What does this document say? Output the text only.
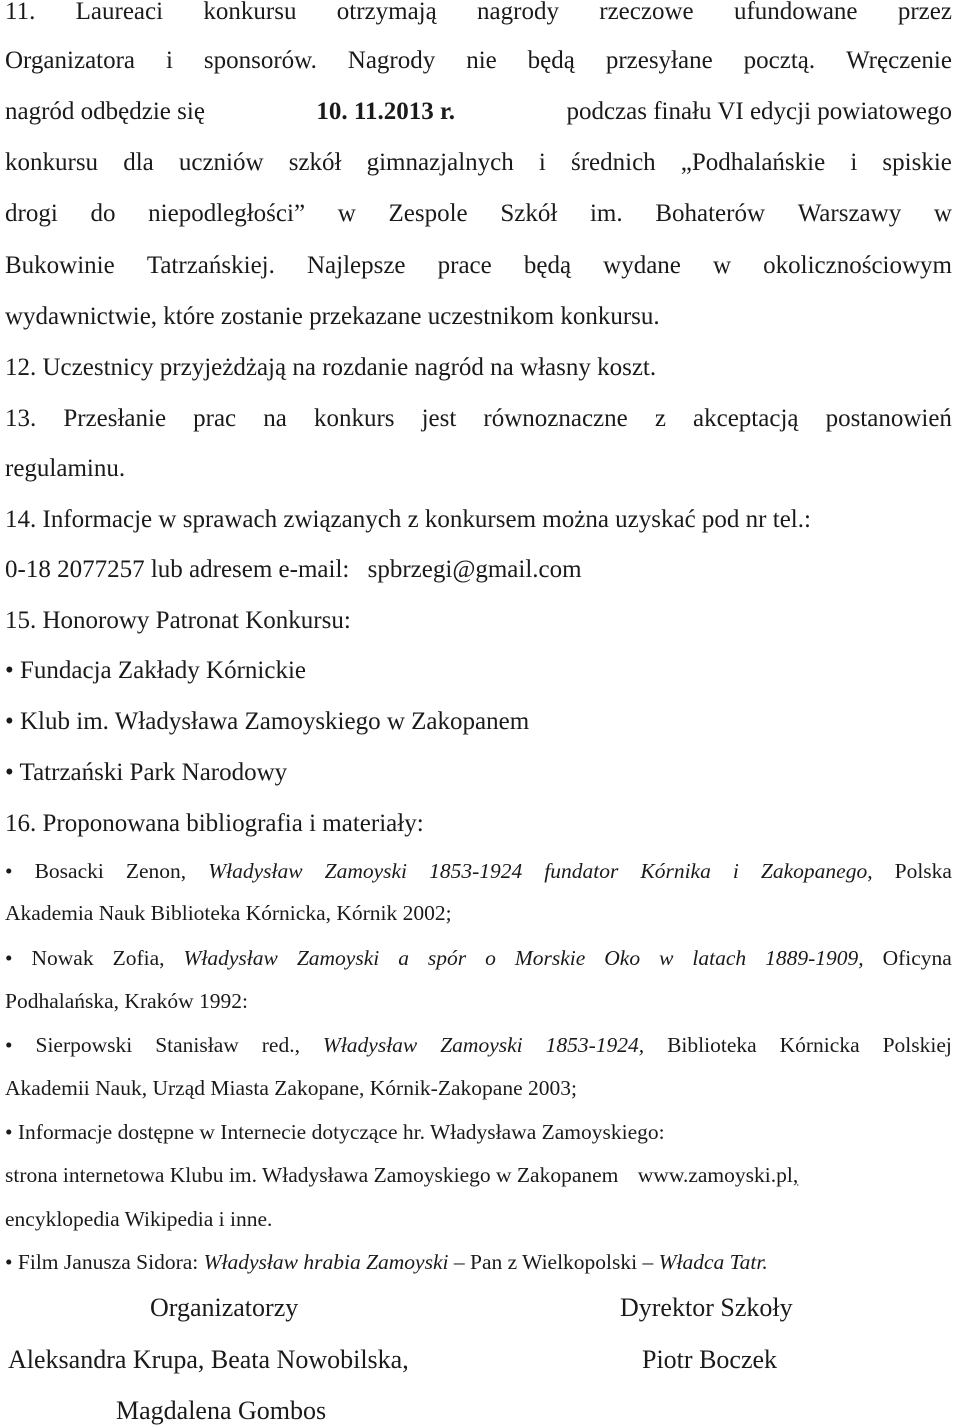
11. Laureaci konkursu otrzymają nagrody rzeczowe ufundowane przez
Organizatora i sponsorów. Nagrody nie będą przesyłane pocztą. Wręczenie
nagród odbędzie się	10. 11.2013 r.	podczas finału VI edycji powiatowego
konkursu dla uczniów szkół gimnazjalnych i średnich „Podhalańskie i spiskie
drogi do niepodległości” w Zespole Szkół im. Bohaterów Warszawy w
Bukowinie Tatrzańskiej. Najlepsze prace będą wydane w okolicznościowym
wydawnictwie, które zostanie przekazane uczestnikom konkursu.
12. Uczestnicy przyjeżdżają na rozdanie nagród na własny koszt.
13. Przesłanie prac na konkurs jest równoznaczne z akceptacją postanowień
regulaminu.
14. Informacje w sprawach związanych z konkursem można uzyskać pod nr tel.:
0-18 2077257 lub adresem e-mail: spbrzegi@gmail.com
15. Honorowy Patronat Konkursu:
• Fundacja Zakłady Kórnickie
• Klub im. Władysława Zamoyskiego w Zakopanem
• Tatrzański Park Narodowy
16. Proponowana bibliografia i materiały:
• Bosacki Zenon, Władysław Zamoyski 1853-1924 fundator Kórnika i Zakopanego, Polska
Akademia Nauk Biblioteka Kórnicka, Kórnik 2002;
• Nowak Zofia, Władysław Zamoyski a spór o Morskie Oko w latach 1889-1909, Oficyna
Podhalańska, Kraków 1992:
• Sierpowski Stanisław red., Władysław Zamoyski 1853-1924, Biblioteka Kórnicka Polskiej
Akademii Nauk, Urząd Miasta Zakopane, Kórnik-Zakopane 2003;
• Informacje dostępne w Internecie dotyczące hr. Władysława Zamoyskiego:
strona internetowa Klubu im. Władysława Zamoyskiego w Zakopanem www.zamoyski.pl,
encyklopedia Wikipedia i inne.
• Film Janusza Sidora: Władysław hrabia Zamoyski – Pan z Wielkopolski – Władca Tatr.
Organizatorzy	Dyrektor Szkoły
Aleksandra Krupa, Beata Nowobilska,	Piotr Boczek
Magdalena Gombos
